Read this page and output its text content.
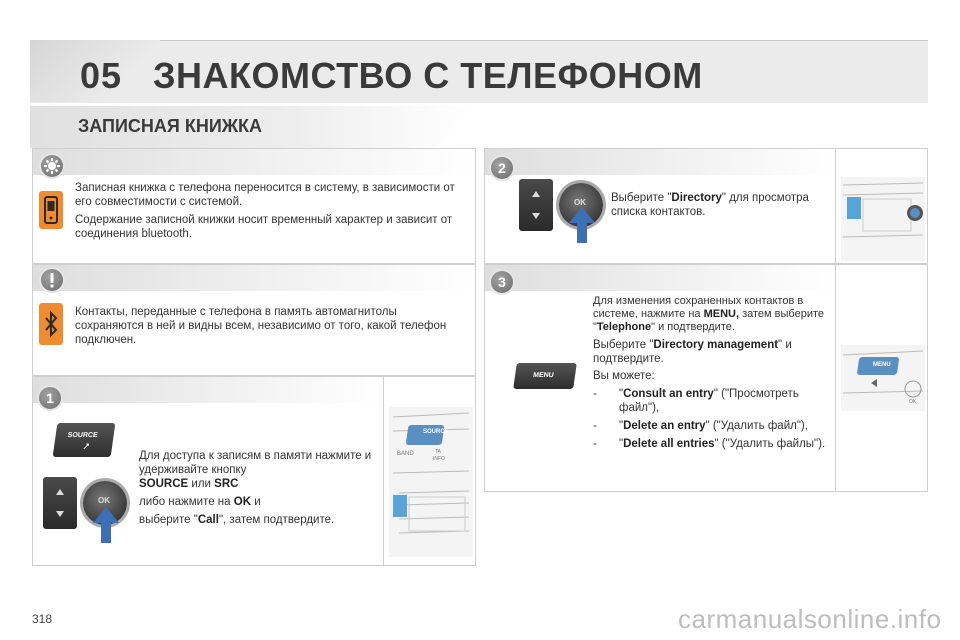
05 ЗНАКОМСТВО С ТЕЛЕФОНОМ
ЗАПИСНАЯ КНИЖКА

Записная книжка с телефона переносится в систему, в зависимости от его совместимости с системой.

Содержание записной книжки носит временный характер и зависит от соединения bluetooth.

Контакты, переданные с телефона в память автомагнитолы сохраняются в ней и видны всем, независимо от того, какой телефон подключен.

1
SOURCE
OK

Для доступа к записям в памяти нажмите и удерживайте кнопку
SOURCE или SRC

либо нажмите на OK и

выберите "Call", затем подтвердите.

SOURCE
BAND	TA
INFO
2
OK Выберите "Directory" для просмотра списка контактов.

3
MENU

Для изменения сохраненных контактов в системе, нажмите на MENU, затем выберите "Telephone" и подтвердите.

Выберите "Directory management" и подтвердите.

Вы можете:

-	"Consult an entry" ("Просмотреть файл"),
-	"Delete an entry" ("Удалить файл"),
-	"Delete all entries" ("Удалить файлы").
MENU
OK
318	carmanualsonline.info
